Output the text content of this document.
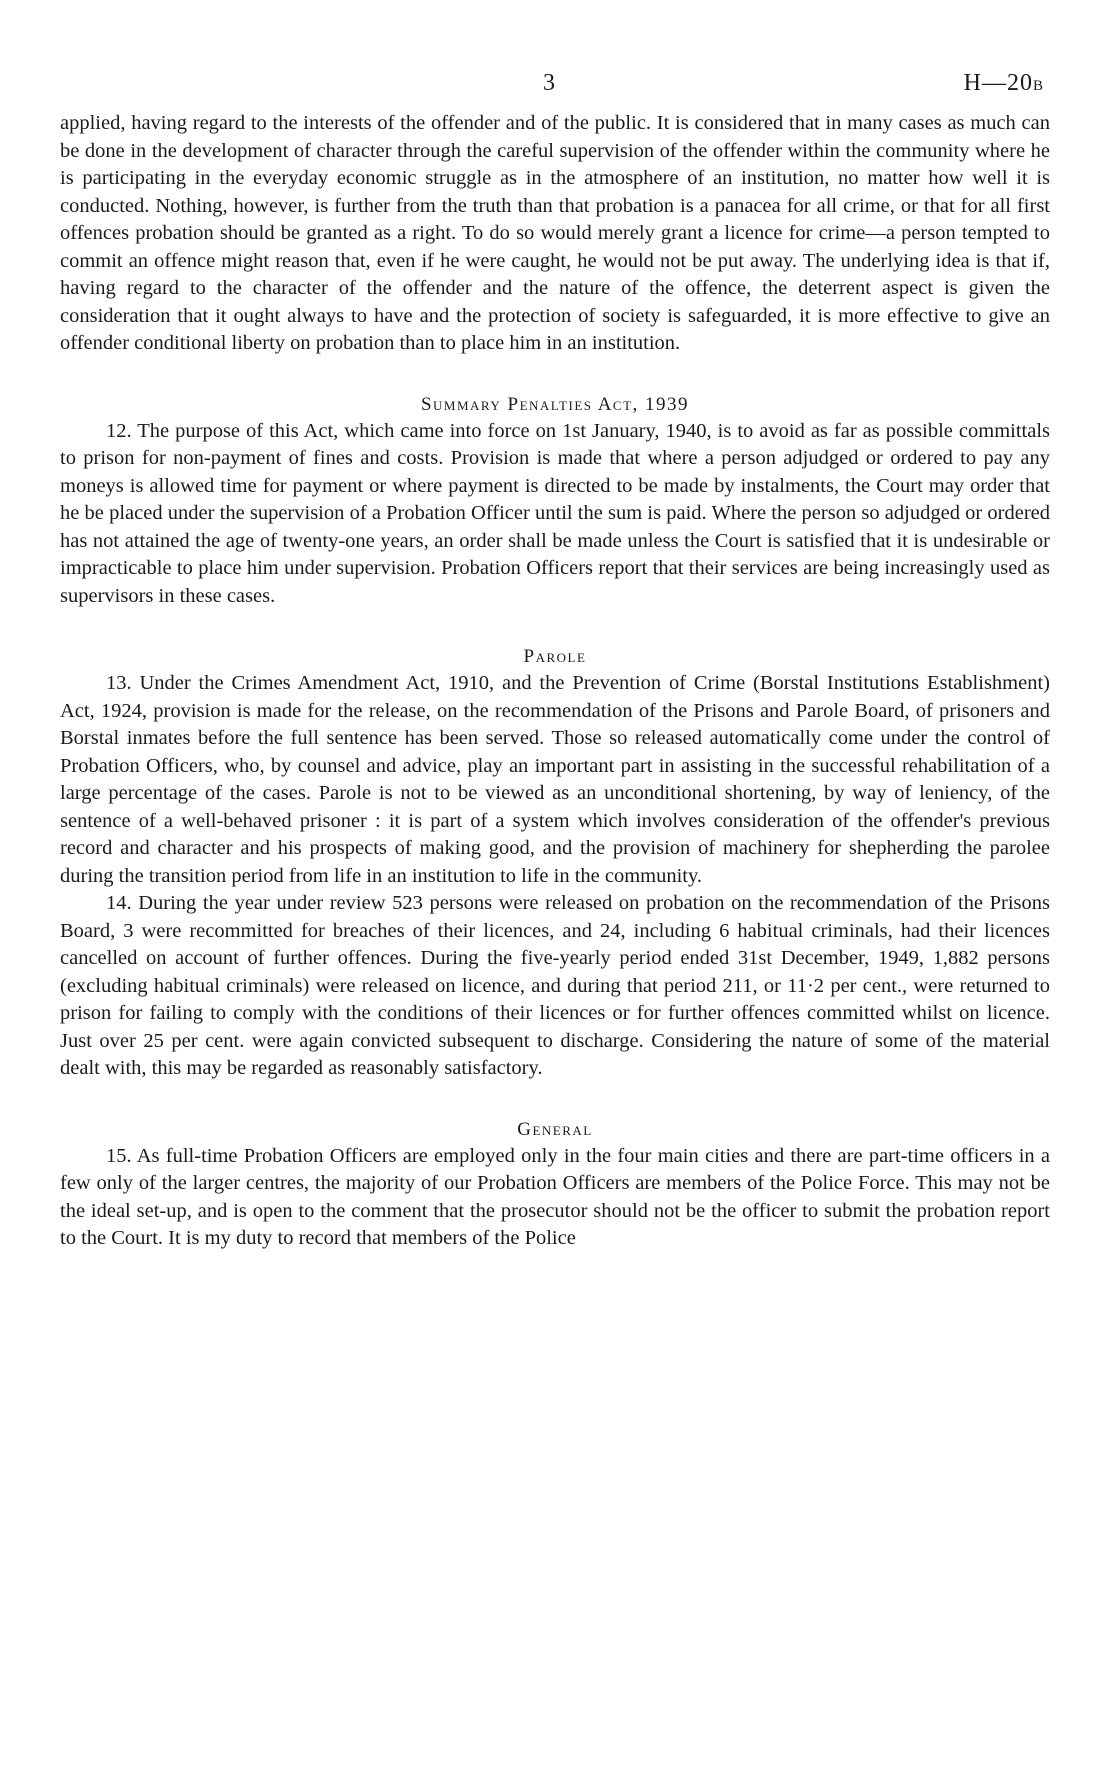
3	H—20B

applied, having regard to the interests of the offender and of the public. It is considered that in many cases as much can be done in the development of character through the careful supervision of the offender within the community where he is participating in the everyday economic struggle as in the atmosphere of an institution, no matter how well it is conducted. Nothing, however, is further from the truth than that probation is a panacea for all crime, or that for all first offences probation should be granted as a right. To do so would merely grant a licence for crime—a person tempted to commit an offence might reason that, even if he were caught, he would not be put away. The underlying idea is that if, having regard to the character of the offender and the nature of the offence, the deterrent aspect is given the consideration that it ought always to have and the protection of society is safeguarded, it is more effective to give an offender conditional liberty on probation than to place him in an institution.

Summary Penalties Act, 1939

12. The purpose of this Act, which came into force on 1st January, 1940, is to avoid as far as possible committals to prison for non-payment of fines and costs. Provision is made that where a person adjudged or ordered to pay any moneys is allowed time for payment or where payment is directed to be made by instalments, the Court may order that he be placed under the supervision of a Probation Officer until the sum is paid. Where the person so adjudged or ordered has not attained the age of twenty-one years, an order shall be made unless the Court is satisfied that it is undesirable or impracticable to place him under supervision. Probation Officers report that their services are being increasingly used as supervisors in these cases.

Parole

13. Under the Crimes Amendment Act, 1910, and the Prevention of Crime (Borstal Institutions Establishment) Act, 1924, provision is made for the release, on the recommendation of the Prisons and Parole Board, of prisoners and Borstal inmates before the full sentence has been served. Those so released automatically come under the control of Probation Officers, who, by counsel and advice, play an important part in assisting in the successful rehabilitation of a large percentage of the cases. Parole is not to be viewed as an unconditional shortening, by way of leniency, of the sentence of a well-behaved prisoner : it is part of a system which involves consideration of the offender's previous record and character and his prospects of making good, and the provision of machinery for shepherding the parolee during the transition period from life in an institution to life in the community.

14. During the year under review 523 persons were released on probation on the recommendation of the Prisons Board, 3 were recommitted for breaches of their licences, and 24, including 6 habitual criminals, had their licences cancelled on account of further offences. During the five-yearly period ended 31st December, 1949, 1,882 persons (excluding habitual criminals) were released on licence, and during that period 211, or 11·2 per cent., were returned to prison for failing to comply with the conditions of their licences or for further offences committed whilst on licence. Just over 25 per cent. were again convicted subsequent to discharge. Considering the nature of some of the material dealt with, this may be regarded as reasonably satisfactory.

General

15. As full-time Probation Officers are employed only in the four main cities and there are part-time officers in a few only of the larger centres, the majority of our Probation Officers are members of the Police Force. This may not be the ideal set-up, and is open to the comment that the prosecutor should not be the officer to submit the probation report to the Court. It is my duty to record that members of the Police
